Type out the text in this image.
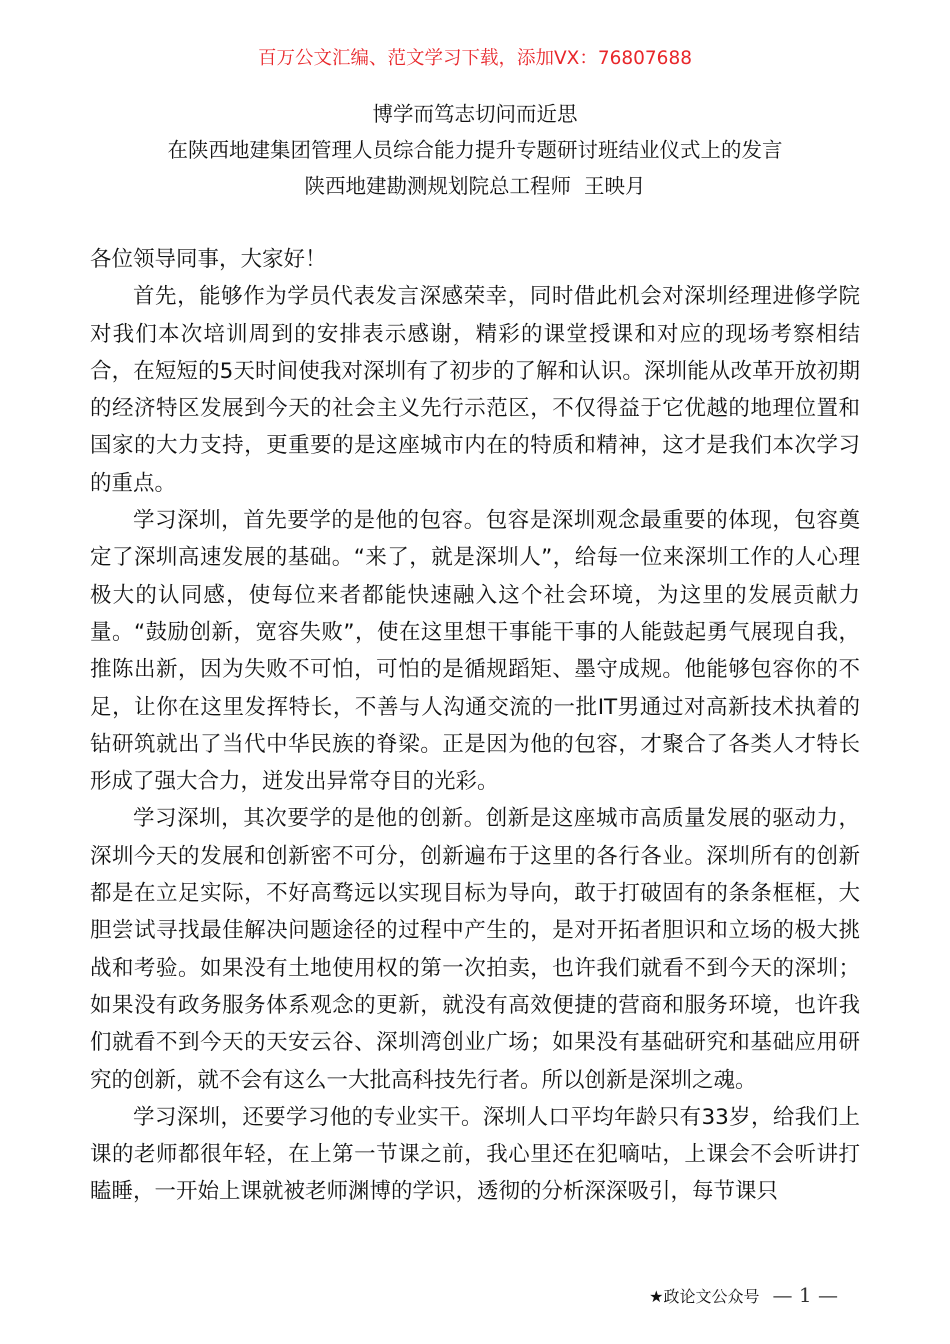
百万公文汇编、范文学习下载，添加VX：76807688
博学而笃志切问而近思
在陕西地建集团管理人员综合能力提升专题研讨班结业仪式上的发言
陕西地建勘测规划院总工程师  王映月

各位领导同事，大家好！

首先，能够作为学员代表发言深感荣幸，同时借此机会对深圳经理进修学院对我们本次培训周到的安排表示感谢，精彩的课堂授课和对应的现场考察相结合，在短短的5天时间使我对深圳有了初步的了解和认识。深圳能从改革开放初期的经济特区发展到今天的社会主义先行示范区，不仅得益于它优越的地理位置和国家的大力支持，更重要的是这座城市内在的特质和精神，这才是我们本次学习的重点。

学习深圳，首先要学的是他的包容。包容是深圳观念最重要的体现，包容奠定了深圳高速发展的基础。“来了，就是深圳人”，给每一位来深圳工作的人心理极大的认同感，使每位来者都能快速融入这个社会环境，为这里的发展贡献力量。“鼓励创新，宽容失败”，使在这里想干事能干事的人能鼓起勇气展现自我，推陈出新，因为失败不可怕，可怕的是循规蹈矩、墨守成规。他能够包容你的不足，让你在这里发挥特长，不善与人沟通交流的一批IT男通过对高新技术执着的钻研筑就出了当代中华民族的脊梁。正是因为他的包容，才聚合了各类人才特长形成了强大合力，迸发出异常夺目的光彩。

学习深圳，其次要学的是他的创新。创新是这座城市高质量发展的驱动力，深圳今天的发展和创新密不可分，创新遍布于这里的各行各业。深圳所有的创新都是在立足实际，不好高骛远以实现目标为导向，敢于打破固有的条条框框，大胆尝试寻找最佳解决问题途径的过程中产生的，是对开拓者胆识和立场的极大挑战和考验。如果没有土地使用权的第一次拍卖，也许我们就看不到今天的深圳；如果没有政务服务体系观念的更新，就没有高效便捷的营商和服务环境，也许我们就看不到今天的天安云谷、深圳湾创业广场；如果没有基础研究和基础应用研究的创新，就不会有这么一大批高科技先行者。所以创新是深圳之魂。

学习深圳，还要学习他的专业实干。深圳人口平均年龄只有33岁，给我们上课的老师都很年轻，在上第一节课之前，我心里还在犯嘀咕，上课会不会听讲打瞌睡，一开始上课就被老师渊博的学识，透彻的分析深深吸引，每节课只

★政论文公众号 — 1 —
